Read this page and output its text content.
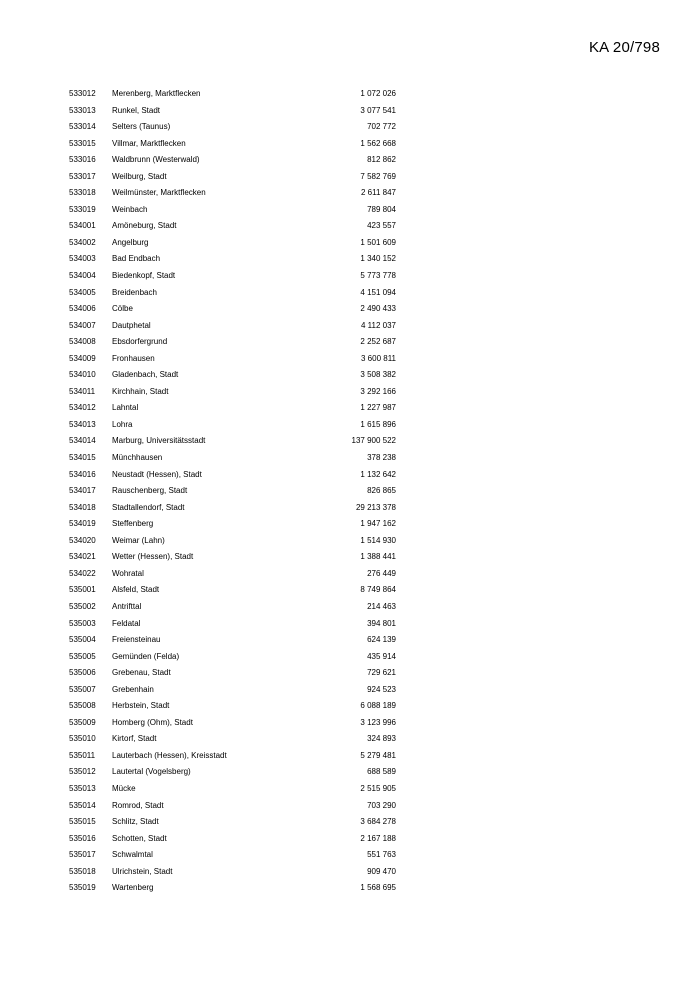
KA 20/798
533012 Merenberg, Marktflecken	1 072 026
533013 Runkel, Stadt	3 077 541
533014 Selters (Taunus)	702 772
533015 Villmar, Marktflecken	1 562 668
533016 Waldbrunn (Westerwald)	812 862
533017 Weilburg, Stadt	7 582 769
533018 Weilmünster, Marktflecken	2 611 847
533019 Weinbach	789 804
534001 Amöneburg, Stadt	423 557
534002 Angelburg	1 501 609
534003 Bad Endbach	1 340 152
534004 Biedenkopf, Stadt	5 773 778
534005 Breidenbach	4 151 094
534006 Cölbe	2 490 433
534007 Dautphetal	4 112 037
534008 Ebsdorfergrund	2 252 687
534009 Fronhausen	3 600 811
534010 Gladenbach, Stadt	3 508 382
534011 Kirchhain, Stadt	3 292 166
534012 Lahntal	1 227 987
534013 Lohra	1 615 896
534014 Marburg, Universitätsstadt	137 900 522
534015 Münchhausen	378 238
534016 Neustadt (Hessen), Stadt	1 132 642
534017 Rauschenberg, Stadt	826 865
534018 Stadtallendorf, Stadt	29 213 378
534019 Steffenberg	1 947 162
534020 Weimar (Lahn)	1 514 930
534021 Wetter (Hessen), Stadt	1 388 441
534022 Wohratal	276 449
535001 Alsfeld, Stadt	8 749 864
535002 Antrifttal	214 463
535003 Feldatal	394 801
535004 Freiensteinau	624 139
535005 Gemünden (Felda)	435 914
535006 Grebenau, Stadt	729 621
535007 Grebenhain	924 523
535008 Herbstein, Stadt	6 088 189
535009 Homberg (Ohm), Stadt	3 123 996
535010 Kirtorf, Stadt	324 893
535011 Lauterbach (Hessen), Kreisstadt	5 279 481
535012 Lautertal (Vogelsberg)	688 589
535013 Mücke	2 515 905
535014 Romrod, Stadt	703 290
535015 Schlitz, Stadt	3 684 278
535016 Schotten, Stadt	2 167 188
535017 Schwalmtal	551 763
535018 Ulrichstein, Stadt	909 470
535019 Wartenberg	1 568 695
